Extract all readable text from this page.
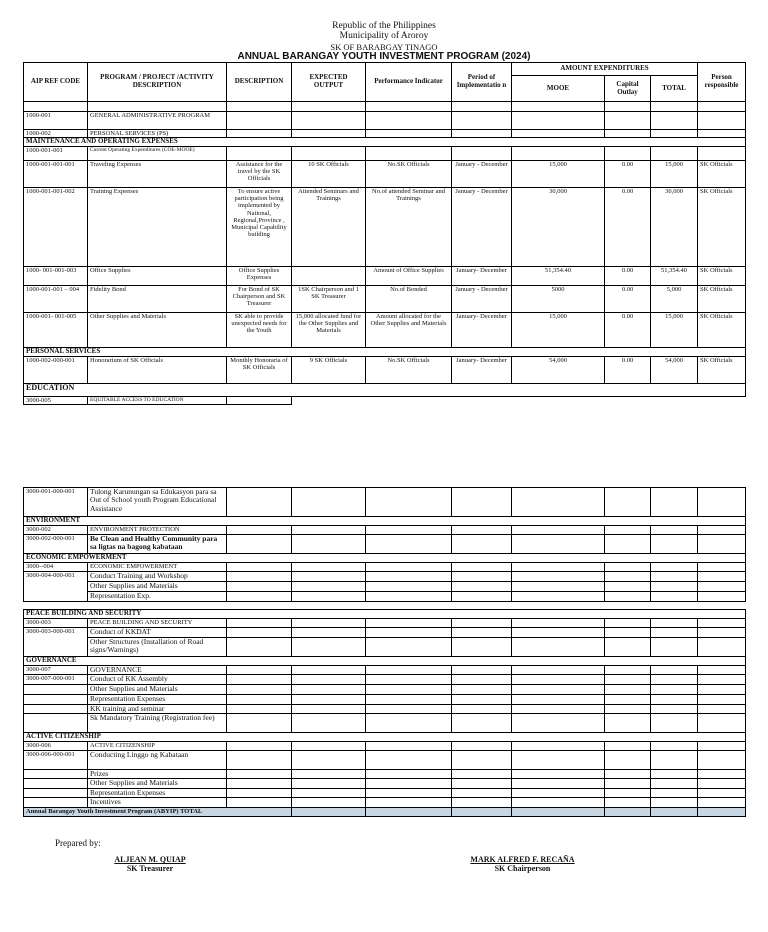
Republic of the Philippines
Municipality of Aroroy
SK OF BARABGAY TINAGO
ANNUAL BARANGAY YOUTH INVESTMENT PROGRAM (2024)
AIP REF CODE	PROGRAM / PROJECT /ACTIVITY DESCRIPTION	DESCRIPTION	EXPECTED OUTPUT	Performance Indicator	Period of Implementatio n	AMOUNT EXPENDITURES			Person responsible
						MOOE	Capital Outlay	TOTAL	

1000-001	GENERAL ADMINISTRATIVE PROGRAM								
1000-002	PERSONAL SERVICES (PS)								
MAINTENANCE AND OPERATING EXPENSES									
1000-001-001	Current Operating Expenditures (COE-MOOE)								
1000-001-001-001	Traveling Expenses	Assistance for the travel by the SK Officials	10 SK Officials	No.SK Officials	January - December	15,000	0.00	15,000	SK Officials
1000-001-001-002	Training Expenses	To ensure active participation being implemented by National, Regional,Province , Municipal Capability building	Attended Seminars and Trainings	No.of attended Seminar and Trainings	January - December	30,000	0.00	30,000	SK Officials
1000- 001-001-003	Office Supplies	Office Supplies Expenses		Amount of Office Supplies	January- December	51,354.40	0.00	51,354.40	SK Officials
1000-001-001 – 004	Fidelity Bond	For Bond of SK Chairperson and SK Treasurer	1SK Chairperson and 1 SK Treasurer	No.of Bonded	January - December	5000	0.00	5,000	SK Officials
1000-001- 001-005	Other Supplies and Materials	SK able to provide unexpected needs for the Youth	15,000 allocated fund for the Other Supplies and Materials	Amount allocated for the Other Supplies and Materials	January- December	15,000	0.00	15,000	SK Officials
PERSONAL SERVICES									
1000-002-000-001	Honorarium of SK Officials	Monthly Honoraria of SK Officials	9 SK Officials	No.SK Officials	January- December	54,000	0.00	54,000	SK Officials
EDUCATION									
3000-005	EQUITABLE ACCESS TO EDUCATION								
3000-001-000-001	Tulong Karunungan sa Edukasyon para sa Out of School youth Program Educational Assistance								
ENVIRONMENT									
3000-002	ENVIRONMENT PROTECTION								
3000-002-000-001	Be Clean and Healthy Community para sa ligtas na bagong kabataan								
ECONOMIC EMPOWERMENT									
3000--004	ECONOMIC EMPOWERMENT								
3000-004-000-001	Conduct Training and Workshop								
	Other Supplies and Materials								
	Representation Exp.								

PEACE BUILDING AND SECURITY									
3000-003	PEACE BUILDING AND SECURITY								
3000-003-000-001	Conduct of KKDAT								
	Other Structures (Installation of Road signs/Warnings)								
GOVERNANCE									
3000-007	GOVERNANCE								
3000-007-000-001	Conduct of KK Assembly								
	Other Supplies and Materials								
	Representation Expenses								
	KK training and seminar								
	Sk Mandatory Training (Registration fee)								
ACTIVE CITIZENSHIP									
3000-006	ACTIVE CITIZENSHIP								
3000-006-000-001	Conducting Linggo ng Kabataan								
	Prizes								
	Other Supplies and Materials								
	Representation Expenses								
	Incentives								
Annual Barangay Youth Investment Program (ABYIP) TOTAL									
Prepared by:
ALJEAN M. QUIAP
SK Treasurer
MARK ALFRED F. RECAÑA
SK Chairperson
